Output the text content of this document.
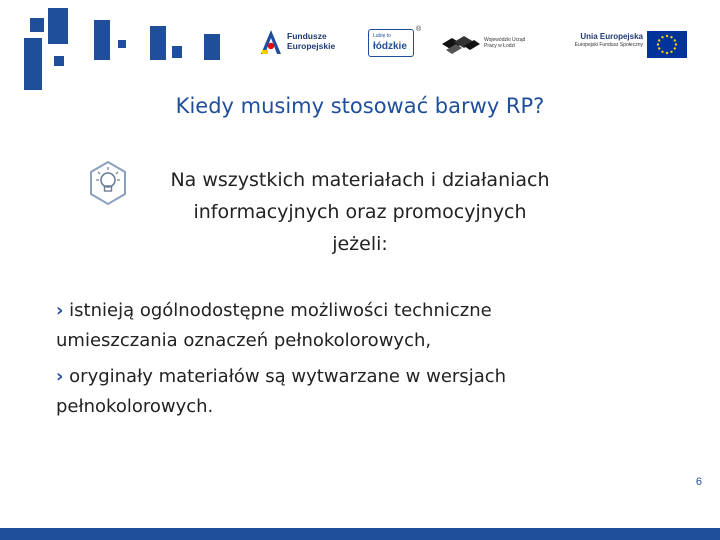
Fundusze
Europejskie
Lubię to
łódzkie
®
Wojewódzki Urząd
Pracy w Łodzi
Unia Europejska
Europejski Fundusz Społeczny
Kiedy musimy stosować barwy RP?
Na wszystkich materiałach i działaniach
informacyjnych oraz promocyjnych
jeżeli:
› istnieją ogólnodostępne możliwości techniczne
umieszczania oznaczeń pełnokolorowych,
› oryginały materiałów są wytwarzane w wersjach
pełnokolorowych.
6
